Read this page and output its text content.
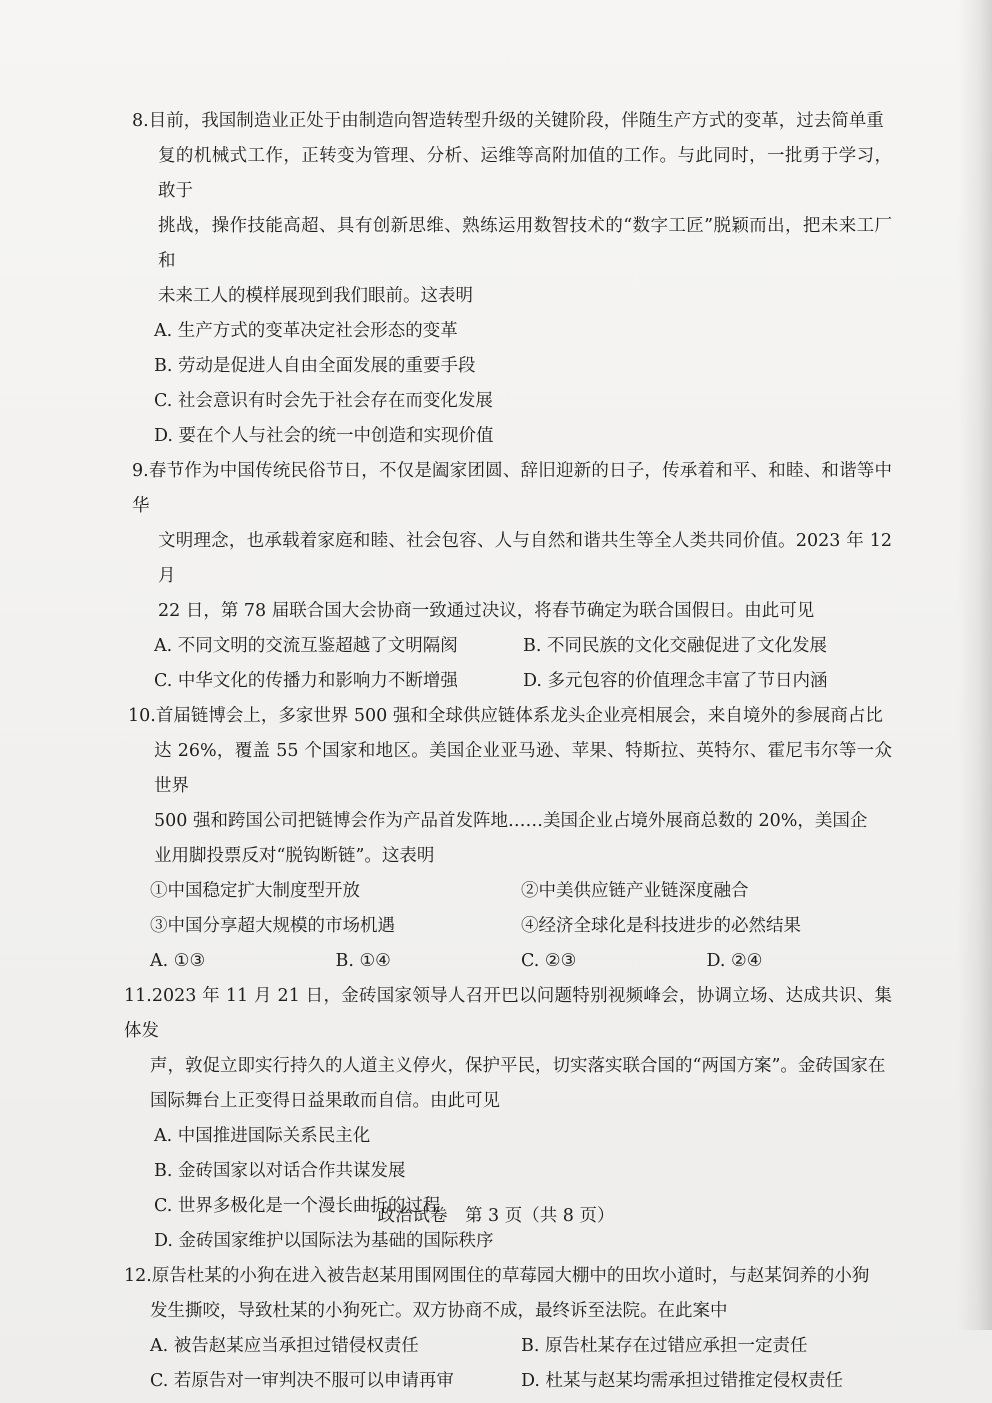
8.目前，我国制造业正处于由制造向智造转型升级的关键阶段，伴随生产方式的变革，过去简单重

复的机械式工作，正转变为管理、分析、运维等高附加值的工作。与此同时，一批勇于学习，敢于

挑战，操作技能高超、具有创新思维、熟练运用数智技术的“数字工匠”脱颖而出，把未来工厂和

未来工人的模样展现到我们眼前。这表明

A. 生产方式的变革决定社会形态的变革

B. 劳动是促进人自由全面发展的重要手段

C. 社会意识有时会先于社会存在而变化发展

D. 要在个人与社会的统一中创造和实现价值

9.春节作为中国传统民俗节日，不仅是阖家团圆、辞旧迎新的日子，传承着和平、和睦、和谐等中华

文明理念，也承载着家庭和睦、社会包容、人与自然和谐共生等全人类共同价值。2023 年 12 月

22 日，第 78 届联合国大会协商一致通过决议，将春节确定为联合国假日。由此可见

A. 不同文明的交流互鉴超越了文明隔阂	B. 不同民族的文化交融促进了文化发展
C. 中华文化的传播力和影响力不断增强	D. 多元包容的价值理念丰富了节日内涵

10.首届链博会上，多家世界 500 强和全球供应链体系龙头企业亮相展会，来自境外的参展商占比

达 26%，覆盖 55 个国家和地区。美国企业亚马逊、苹果、特斯拉、英特尔、霍尼韦尔等一众世界

500 强和跨国公司把链博会作为产品首发阵地……美国企业占境外展商总数的 20%，美国企

业用脚投票反对“脱钩断链”。这表明

①中国稳定扩大制度型开放	②中美供应链产业链深度融合
③中国分享超大规模的市场机遇	④经济全球化是科技进步的必然结果
A. ①③	B. ①④	C. ②③	D. ②④

11.2023 年 11 月 21 日，金砖国家领导人召开巴以问题特别视频峰会，协调立场、达成共识、集体发

声，敦促立即实行持久的人道主义停火，保护平民，切实落实联合国的“两国方案”。金砖国家在

国际舞台上正变得日益果敢而自信。由此可见

A. 中国推进国际关系民主化

B. 金砖国家以对话合作共谋发展

C. 世界多极化是一个漫长曲折的过程

D. 金砖国家维护以国际法为基础的国际秩序

12.原告杜某的小狗在进入被告赵某用围网围住的草莓园大棚中的田坎小道时，与赵某饲养的小狗

发生撕咬，导致杜某的小狗死亡。双方协商不成，最终诉至法院。在此案中

A. 被告赵某应当承担过错侵权责任	B. 原告杜某存在过错应承担一定责任
C. 若原告对一审判决不服可以申请再审	D. 杜某与赵某均需承担过错推定侵权责任
政治试卷　第 3 页（共 8 页）
